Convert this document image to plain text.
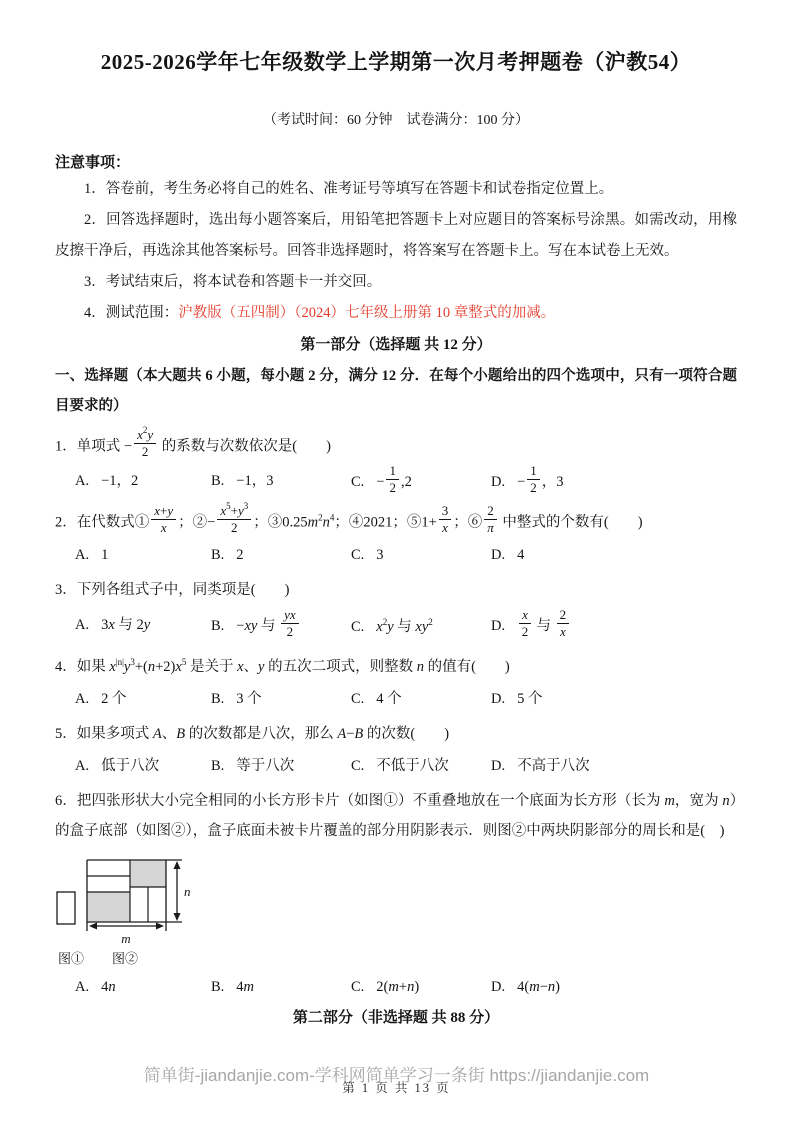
2025-2026学年七年级数学上学期第一次月考押题卷（沪教54）
（考试时间：60 分钟　试卷满分：100 分）
注意事项：

1．答卷前，考生务必将自己的姓名、准考证号等填写在答题卡和试卷指定位置上。

2．回答选择题时，选出每小题答案后，用铅笔把答题卡上对应题目的答案标号涂黑。如需改动，用橡皮擦干净后，再选涂其他答案标号。回答非选择题时，将答案写在答题卡上。写在本试卷上无效。

3．考试结束后，将本试卷和答题卡一并交回。

4．测试范围：沪教版（五四制）（2024）七年级上册第 10 章整式的加减。

第一部分（选择题 共 12 分）

一、选择题（本大题共 6 小题，每小题 2 分，满分 12 分．在每个小题给出的四个选项中，只有一项符合题目要求的）

1．单项式 − $\frac{x^2y}{2}$ 的系数与次数依次是(　　)
A. −1，2	B. −1，3	C. − $\frac{1}{2} ,2$	D. − $\frac{1}{2}$ ，3
2．在代数式① $\frac{x+y}{x}$ ；②− $\frac{x^5+y^3}{2}$ ；$③0.25m^2n^4$；④2021；⑤1+ $\frac{3}{x}$ ；⑥ $\frac{2}{\pi}$ 中整式的个数有(　　)
A. 1	B. 2	C. 3	D. 4
3．下列各组式子中，同类项是(　　)
A. 3x 与 2y	B. −xy 与 $\frac{yx}{2}$	C. $x^2y$ 与 $xy^2$	D. $\frac{x}{2}$ 与 $\frac{2}{x}$
4．如果 $x^{|n|}y^3+(n+2)x^5$ 是关于 x、y 的五次二项式，则整数 n 的值有(　　)
A. 2 个	B. 3 个	C. 4 个	D. 5 个
5．如果多项式 A、B 的次数都是八次，那么 A−B 的次数(　　)
A. 低于八次	B. 等于八次	C. 不低于八次	D. 不高于八次
6．把四张形状大小完全相同的小长方形卡片（如图①）不重叠地放在一个底面为长方形（长为 m，宽为 n）的盒子底部（如图②），盒子底面未被卡片覆盖的部分用阴影表示．则图②中两块阴影部分的周长和是(　)
n
m
图① 图②
A. 4n	B. 4m	C. 2(m+n)	D. 4(m−n)
第二部分（非选择题 共 88 分）
简单街-jiandanjie.com-学科网简单学习一条街 https://jiandanjie.com
第 1 页 共 13 页
